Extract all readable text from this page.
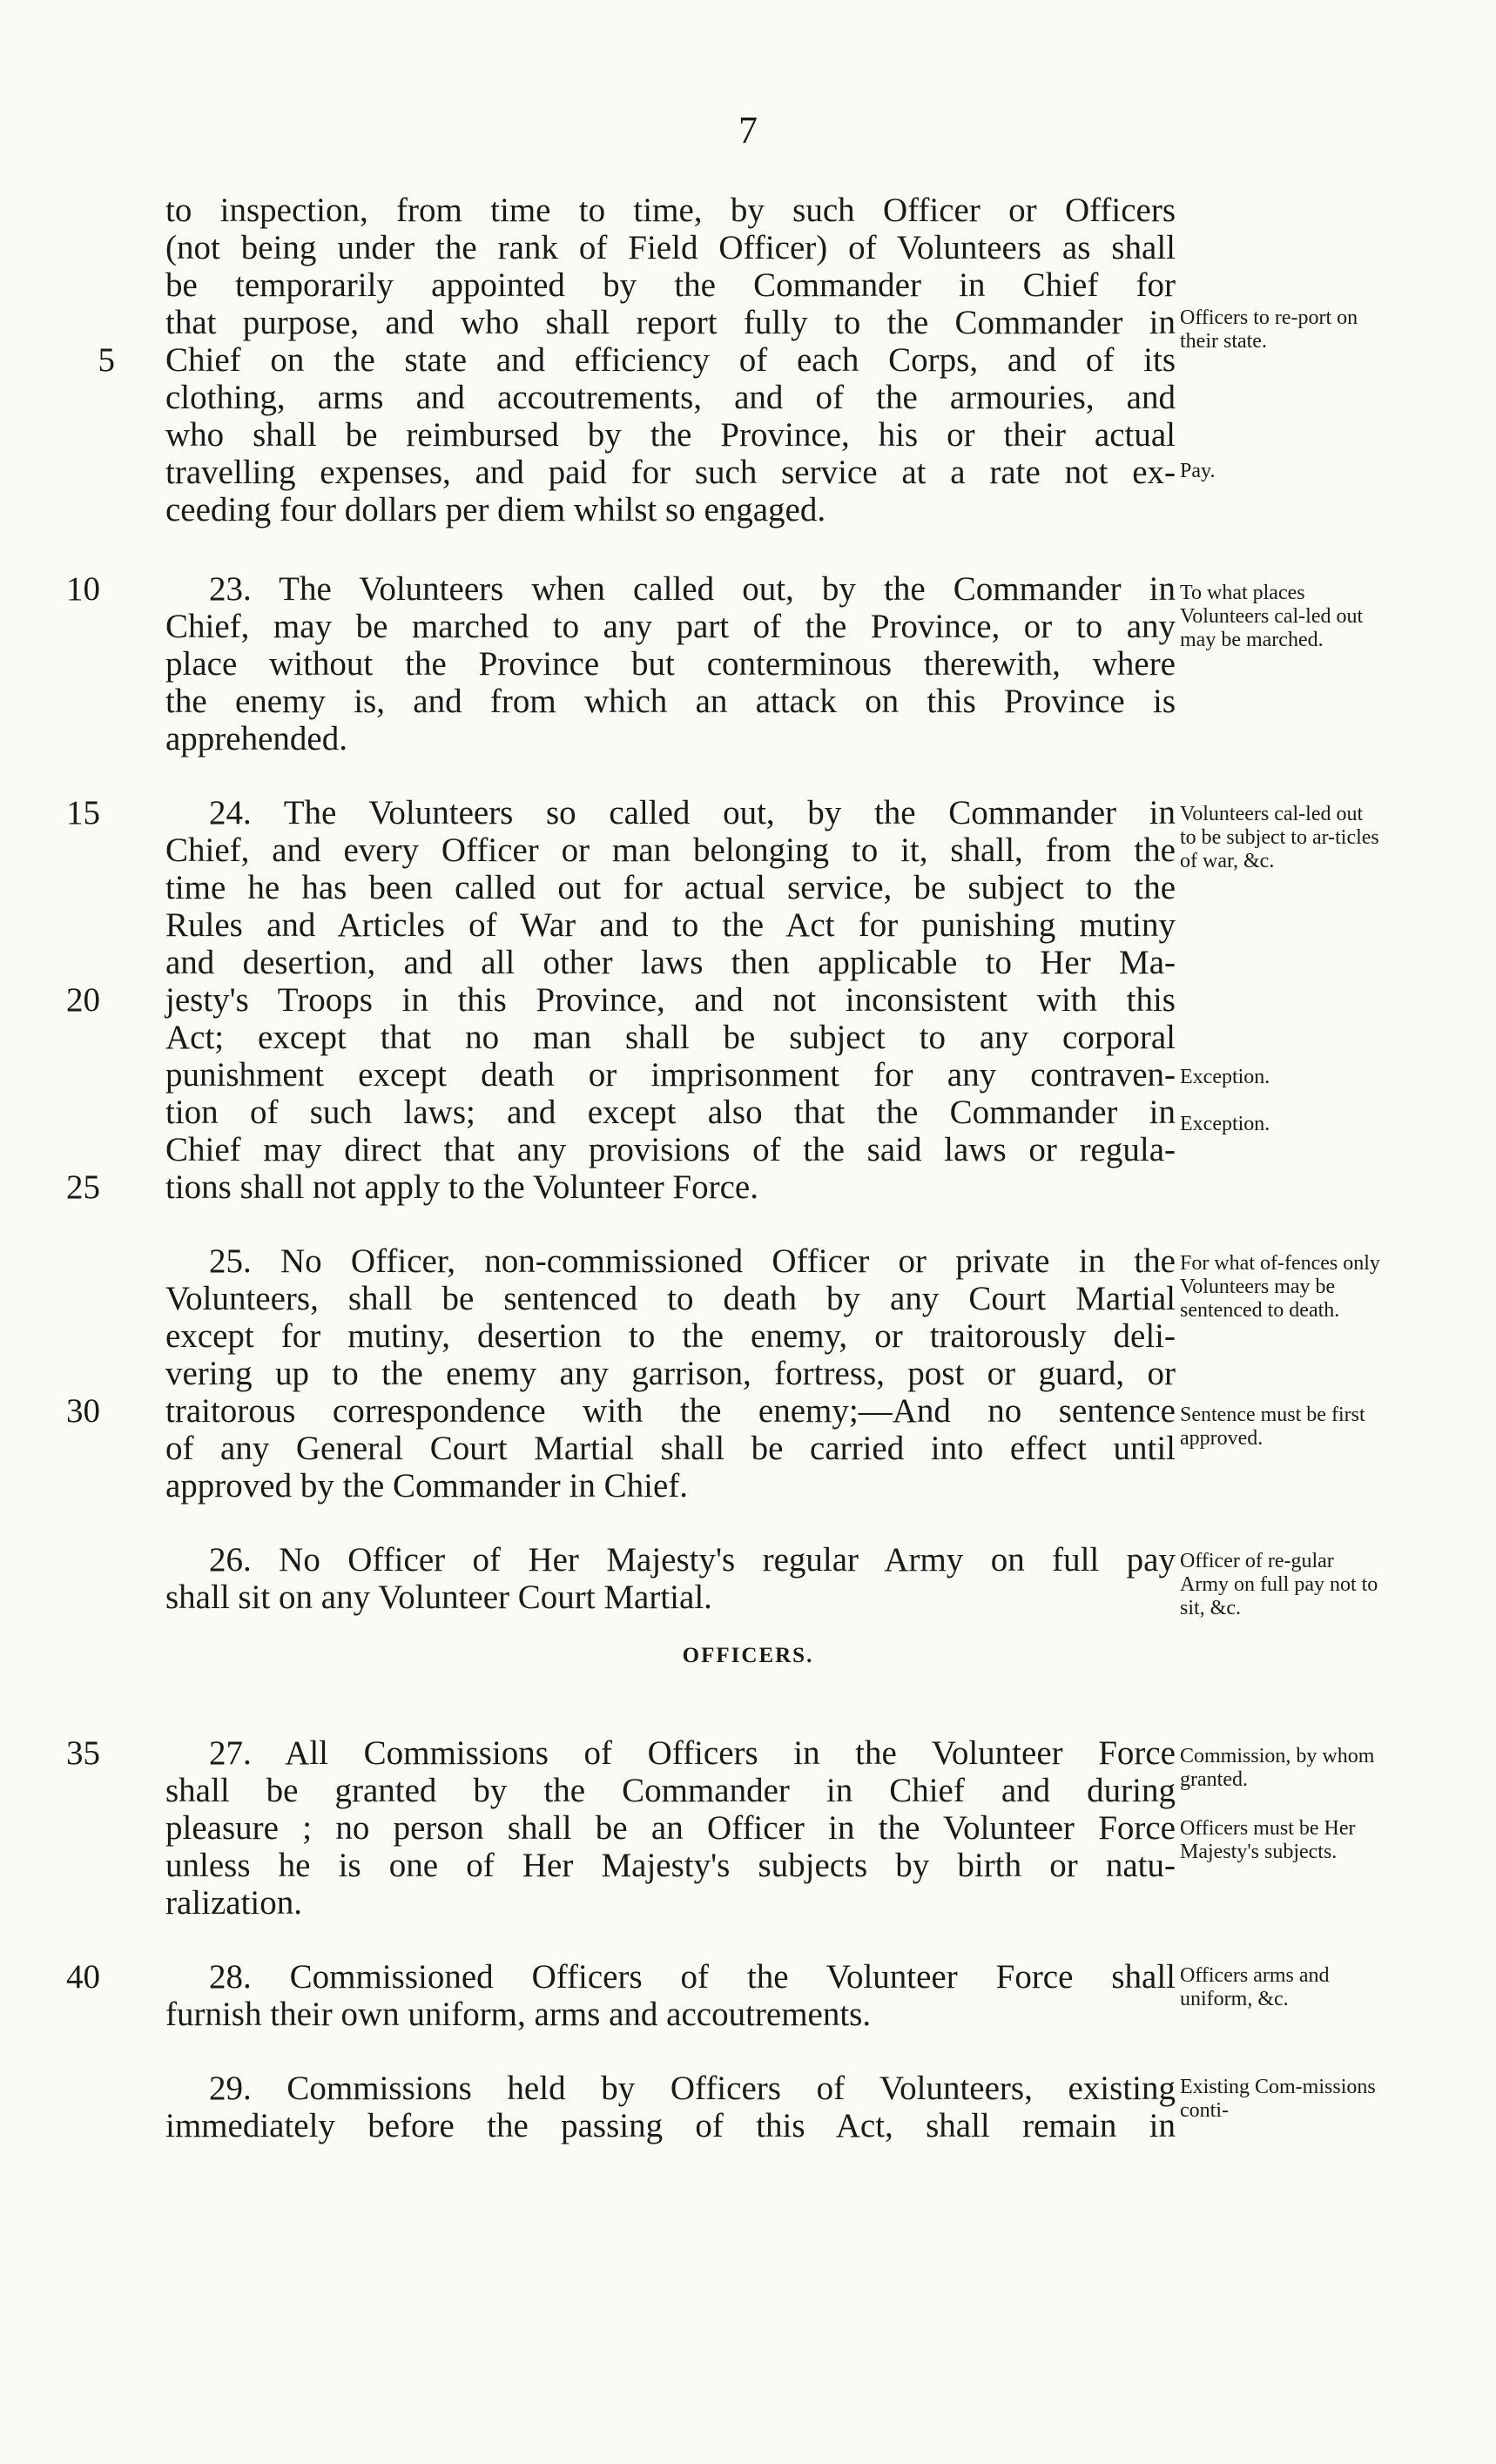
7
to inspection, from time to time, by such Officer or Officers
(not being under the rank of Field Officer) of Volunteers as shall
be temporarily appointed by the Commander in Chief for
that purpose, and who shall report fully to the Commander in
5 Chief on the state and efficiency of each Corps, and of its
clothing, arms and accoutrements, and of the armouries, and
who shall be reimbursed by the Province, his or their actual
travelling expenses, and paid for such service at a rate not ex-
ceeding four dollars per diem whilst so engaged.
10	23. The Volunteers when called out, by the Commander in
Chief, may be marched to any part of the Province, or to any
place without the Province but conterminous therewith, where
the enemy is, and from which an attack on this Province is
apprehended.
15	24. The Volunteers so called out, by the Commander in
Chief, and every Officer or man belonging to it, shall, from the
time he has been called out for actual service, be subject to the
Rules and Articles of War and to the Act for punishing mutiny
and desertion, and all other laws then applicable to Her Ma-
20 jesty's Troops in this Province, and not inconsistent with this
Act; except that no man shall be subject to any corporal
punishment except death or imprisonment for any contraven-
tion of such laws; and except also that the Commander in
Chief may direct that any provisions of the said laws or regula-
25 tions shall not apply to the Volunteer Force.
25. No Officer, non-commissioned Officer or private in the
Volunteers, shall be sentenced to death by any Court Martial
except for mutiny, desertion to the enemy, or traitorously deli-
vering up to the enemy any garrison, fortress, post or guard, or
30 traitorous correspondence with the enemy;—And no sentence
of any General Court Martial shall be carried into effect until
approved by the Commander in Chief.
26. No Officer of Her Majesty's regular Army on full pay
shall sit on any Volunteer Court Martial.
35	27. All Commissions of Officers in the Volunteer Force
shall be granted by the Commander in Chief and during
pleasure ; no person shall be an Officer in the Volunteer Force
unless he is one of Her Majesty's subjects by birth or natu-
ralization.
40	28. Commissioned Officers of the Volunteer Force shall
furnish their own uniform, arms and accoutrements.
29. Commissions held by Officers of Volunteers, existing
immediately before the passing of this Act, shall remain in
OFFICERS.
Officers to re-port on their state.
Pay.
To what places Volunteers cal-led out may be marched.
Volunteers cal-led out to be subject to ar-ticles of war, &c.
Exception.
Exception.
For what of-fences only Volunteers may be sentenced to death.
Sentence must be first approved.
Officer of re-gular Army on full pay not to sit, &c.
Commission, by whom granted.
Officers must be Her Majesty's subjects.
Officers arms and uniform, &c.
Existing Com-missions conti-
